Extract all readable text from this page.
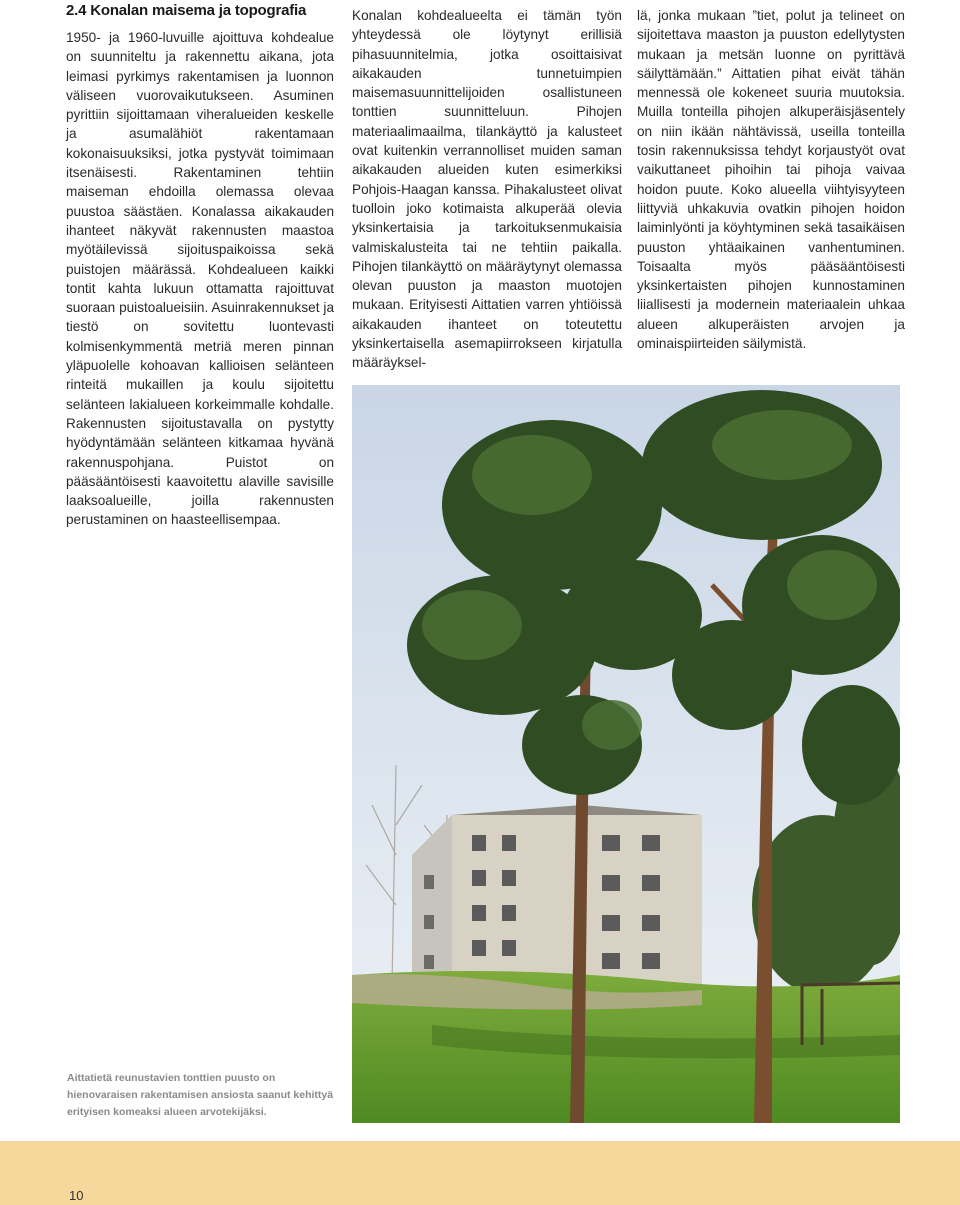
2.4 Konalan maisema ja topografia

1950- ja 1960-luvuille ajoittuva kohdealue on suunniteltu ja rakennettu aikana, jota leimasi pyrkimys rakentamisen ja luonnon väliseen vuorovaikutukseen. Asuminen pyrittiin sijoittamaan viheralueiden keskelle ja asumalähiöt rakentamaan kokonaisuuksiksi, jotka pystyvät toimimaan itsenäisesti. Rakentaminen tehtiin maiseman ehdoilla olemassa olevaa puustoa säästäen. Konalassa aikakauden ihanteet näkyvät rakennusten maastoa myötäilevissä sijoituspaikoissa sekä puistojen määrässä. Kohdealueen kaikki tontit kahta lukuun ottamatta rajoittuvat suoraan puistoalueisiin. Asuinrakennukset ja tiestö on sovitettu luontevasti kolmisenkymmentä metriä meren pinnan yläpuolelle kohoavan kallioisen selänteen rinteitä mukaillen ja koulu sijoitettu selänteen lakialueen korkeimmalle kohdalle. Rakennusten sijoitustavalla on pystytty hyödyntämään selänteen kitkamaa hyvänä rakennuspohjana. Puistot on pääsääntöisesti kaavoitettu alaville savisille laaksoalueille, joilla rakennusten perustaminen on haasteellisempaa.

Konalan kohdealueelta ei tämän työn yhteydessä ole löytynyt erillisiä pihasuunnitelmia, jotka osoittaisivat aikakauden tunnetuimpien maisemasuunnittelijoiden osallistuneen tonttien suunnitteluun. Pihojen materiaalimaailma, tilankäyttö ja kalusteet ovat kuitenkin verrannolliset muiden saman aikakauden alueiden kuten esimerkiksi Pohjois-Haagan kanssa. Pihakalusteet olivat tuolloin joko kotimaista alkuperää olevia yksinkertaisia ja tarkoituksenmukaisia valmiskalusteita tai ne tehtiin paikalla. Pihojen tilankäyttö on määräytynyt olemassa olevan puuston ja maaston muotojen mukaan. Erityisesti Aittatien varren yhtiöissä aikakauden ihanteet on toteutettu yksinkertaisella asemapiirrokseen kirjatulla määräyksel-

lä, jonka mukaan ”tiet, polut ja telineet on sijoitettava maaston ja puuston edellytysten mukaan ja metsän luonne on pyrittävä säilyttämään.” Aittatien pihat eivät tähän mennessä ole kokeneet suuria muutoksia. Muilla tonteilla pihojen alkuperäisjäsentely on niin ikään nähtävissä, useilla tonteilla tosin rakennuksissa tehdyt korjaustyöt ovat vaikuttaneet pihoihin tai pihoja vaivaa hoidon puute. Koko alueella viihtyisyyteen liittyviä uhkakuvia ovatkin pihojen hoidon laiminlyönti ja köyhtyminen sekä tasaikäisen puuston yhtäaikainen vanhentuminen. Toisaalta myös pääsääntöisesti yksinkertaisten pihojen kunnostaminen liiallisesti ja modernein materiaalein uhkaa alueen alkuperäisten arvojen ja ominaispiirteiden säilymistä.

Aittatietä reunustavien tonttien puusto on hienovaraisen rakentamisen ansiosta saanut kehittyä erityisen komeaksi alueen arvotekijäksi.

10
